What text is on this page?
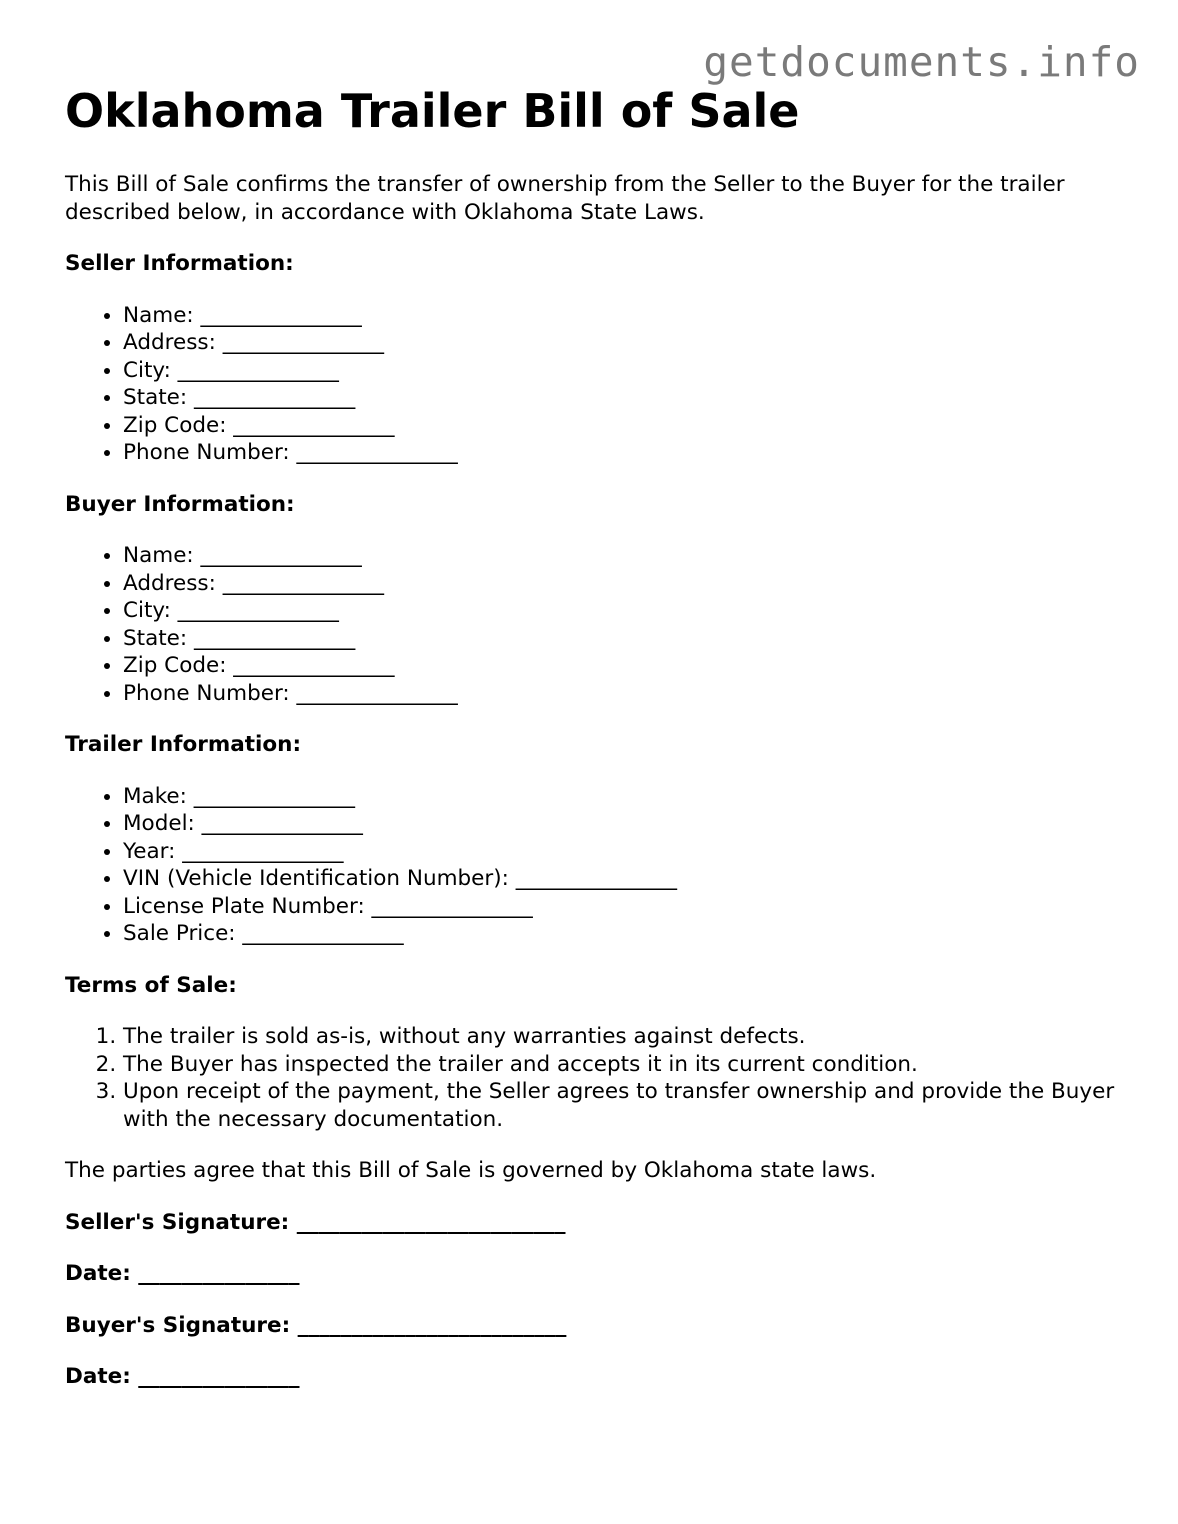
getdocuments.info
Oklahoma Trailer Bill of Sale

This Bill of Sale confirms the transfer of ownership from the Seller to the Buyer for the trailer described below, in accordance with Oklahoma State Laws.

Seller Information:
• Name: _______________
• Address: _______________
• City: _______________
• State: _______________
• Zip Code: _______________
• Phone Number: _______________
Buyer Information:
• Name: _______________
• Address: _______________
• City: _______________
• State: _______________
• Zip Code: _______________
• Phone Number: _______________
Trailer Information:
• Make: _______________
• Model: _______________
• Year: _______________
• VIN (Vehicle Identification Number): _______________
• License Plate Number: _______________
• Sale Price: _______________
Terms of Sale:
1. The trailer is sold as-is, without any warranties against defects.
2. The Buyer has inspected the trailer and accepts it in its current condition.
3. Upon receipt of the payment, the Seller agrees to transfer ownership and provide the Buyer with the necessary documentation.

The parties agree that this Bill of Sale is governed by Oklahoma state laws.

Seller's Signature: _________________________

Date: _______________

Buyer's Signature: _________________________

Date: _______________
